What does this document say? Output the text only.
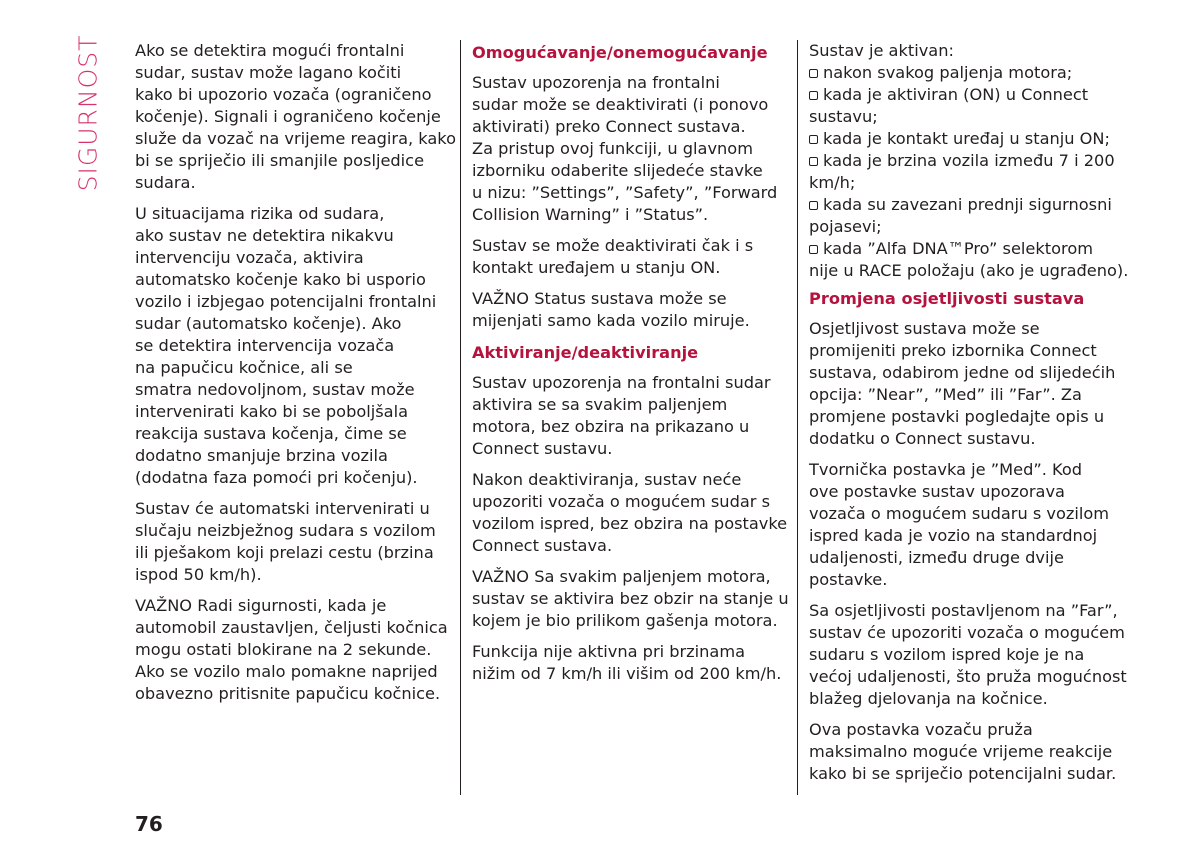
SIGURNOST Ako se detektira mogući frontalni
sudar, sustav može lagano kočiti
kako bi upozorio vozača (ograničeno
kočenje). Signali i ograničeno kočenje
služe da vozač na vrijeme reagira, kako
bi se spriječio ili smanjile posljedice
sudara.

U situacijama rizika od sudara,
ako sustav ne detektira nikakvu
intervenciju vozača, aktivira
automatsko kočenje kako bi usporio
vozilo i izbjegao potencijalni frontalni
sudar (automatsko kočenje). Ako
se detektira intervencija vozača
na papučicu kočnice, ali se
smatra nedovoljnom, sustav može
intervenirati kako bi se poboljšala
reakcija sustava kočenja, čime se
dodatno smanjuje brzina vozila
(dodatna faza pomoći pri kočenju).

Sustav će automatski intervenirati u
slučaju neizbježnog sudara s vozilom
ili pješakom koji prelazi cestu (brzina
ispod 50 km/h).

VAŽNO Radi sigurnosti, kada je
automobil zaustavljen, čeljusti kočnica
mogu ostati blokirane na 2 sekunde.
Ako se vozilo malo pomakne naprijed
obavezno pritisnite papučicu kočnice.

Omogućavanje/onemogućavanje

Sustav upozorenja na frontalni
sudar može se deaktivirati (i ponovo
aktivirati) preko Connect sustava.
Za pristup ovoj funkciji, u glavnom
izborniku odaberite slijedeće stavke
u nizu: ”Settings”, ”Safety”, ”Forward
Collision Warning” i ”Status”.

Sustav se može deaktivirati čak i s
kontakt uređajem u stanju ON.

VAŽNO Status sustava može se
mijenjati samo kada vozilo miruje.

Aktiviranje/deaktiviranje

Sustav upozorenja na frontalni sudar
aktivira se sa svakim paljenjem
motora, bez obzira na prikazano u
Connect sustavu.

Nakon deaktiviranja, sustav neće
upozoriti vozača o mogućem sudar s
vozilom ispred, bez obzira na postavke
Connect sustava.

VAŽNO Sa svakim paljenjem motora,
sustav se aktivira bez obzir na stanje u
kojem je bio prilikom gašenja motora.

Funkcija nije aktivna pri brzinama
nižim od 7 km/h ili višim od 200 km/h.

Sustav je aktivan:

nakon svakog paljenja motora;
kada je aktiviran (ON) u Connect
sustavu;
kada je kontakt uređaj u stanju ON;
kada je brzina vozila između 7 i 200
km/h;
kada su zavezani prednji sigurnosni
pojasevi;
kada ”Alfa DNA™Pro” selektorom
nije u RACE položaju (ako je ugrađeno).
Promjena osjetljivosti sustava

Osjetljivost sustava može se
promijeniti preko izbornika Connect
sustava, odabirom jedne od slijedećih
opcija: ”Near”, ”Med” ili ”Far”. Za
promjene postavki pogledajte opis u
dodatku o Connect sustavu.

Tvornička postavka je ”Med”. Kod
ove postavke sustav upozorava
vozača o mogućem sudaru s vozilom
ispred kada je vozio na standardnoj
udaljenosti, između druge dvije
postavke.

Sa osjetljivosti postavljenom na ”Far”,
sustav će upozoriti vozača o mogućem
sudaru s vozilom ispred koje je na
većoj udaljenosti, što pruža mogućnost
blažeg djelovanja na kočnice.

Ova postavka vozaču pruža
maksimalno moguće vrijeme reakcije
kako bi se spriječio potencijalni sudar.

76
